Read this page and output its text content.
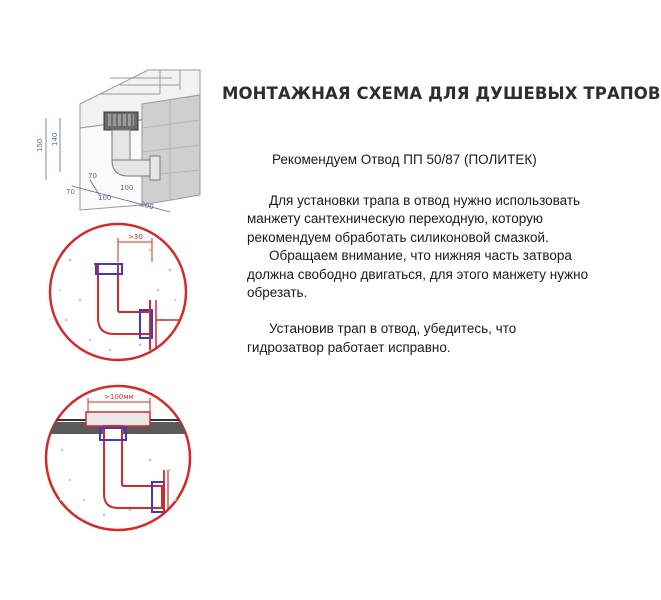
150 140
70
100
200
70
100
>30
>100мм
МОНТАЖНАЯ СХЕМА ДЛЯ ДУШЕВЫХ ТРАПОВ
Рекомендуем Отвод ПП 50/87 (ПОЛИТЕК)

Для установки трапа в отвод нужно использовать манжету сантехническую переходную, которую рекомендуем обработать силиконовой смазкой.

Обращаем внимание, что нижняя часть затвора должна свободно двигаться, для этого манжету нужно обрезать.

Установив трап в отвод, убедитесь, что гидрозатвор работает исправно.
